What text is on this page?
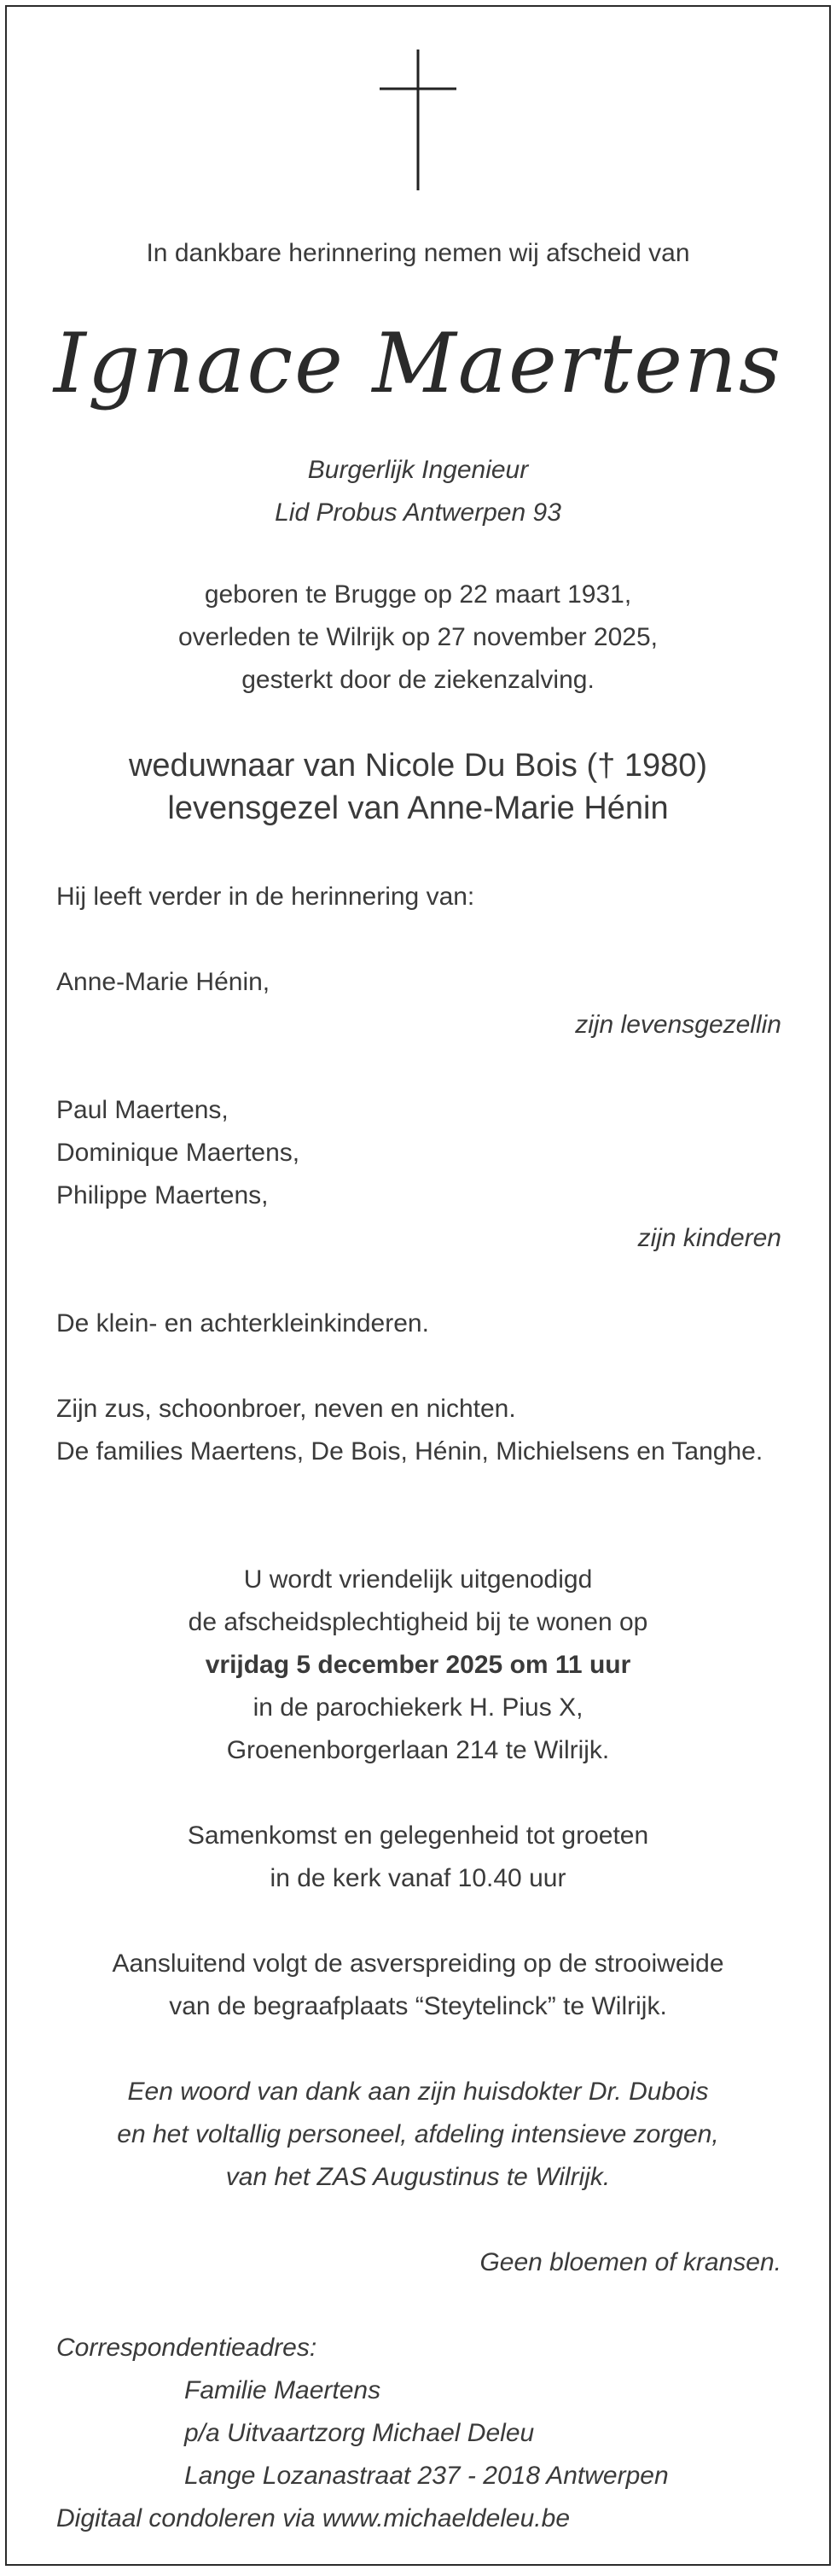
In dankbare herinnering nemen wij afscheid van
Ignace Maertens
Burgerlijk Ingenieur
Lid Probus Antwerpen 93
geboren te Brugge op 22 maart 1931,
overleden te Wilrijk op 27 november 2025,
gesterkt door de ziekenzalving.
weduwnaar van Nicole Du Bois († 1980)
levensgezel van Anne-Marie Hénin
Hij leeft verder in de herinnering van:
Anne-Marie Hénin,
zijn levensgezellin
Paul Maertens,
Dominique Maertens,
Philippe Maertens,
zijn kinderen
De klein- en achterkleinkinderen.
Zijn zus, schoonbroer, neven en nichten.
De families Maertens, De Bois, Hénin, Michielsens en Tanghe.
U wordt vriendelijk uitgenodigd
de afscheidsplechtigheid bij te wonen op
vrijdag 5 december 2025 om 11 uur
in de parochiekerk H. Pius X,
Groenenborgerlaan 214 te Wilrijk.
Samenkomst en gelegenheid tot groeten
in de kerk vanaf 10.40 uur
Aansluitend volgt de asverspreiding op de strooiweide
van de begraafplaats “Steytelinck” te Wilrijk.
Een woord van dank aan zijn huisdokter Dr. Dubois
en het voltallig personeel, afdeling intensieve zorgen,
van het ZAS Augustinus te Wilrijk.
Geen bloemen of kransen.
Correspondentieadres:
Familie Maertens
p/a Uitvaartzorg Michael Deleu
Lange Lozanastraat 237 - 2018 Antwerpen
Digitaal condoleren via www.michaeldeleu.be
